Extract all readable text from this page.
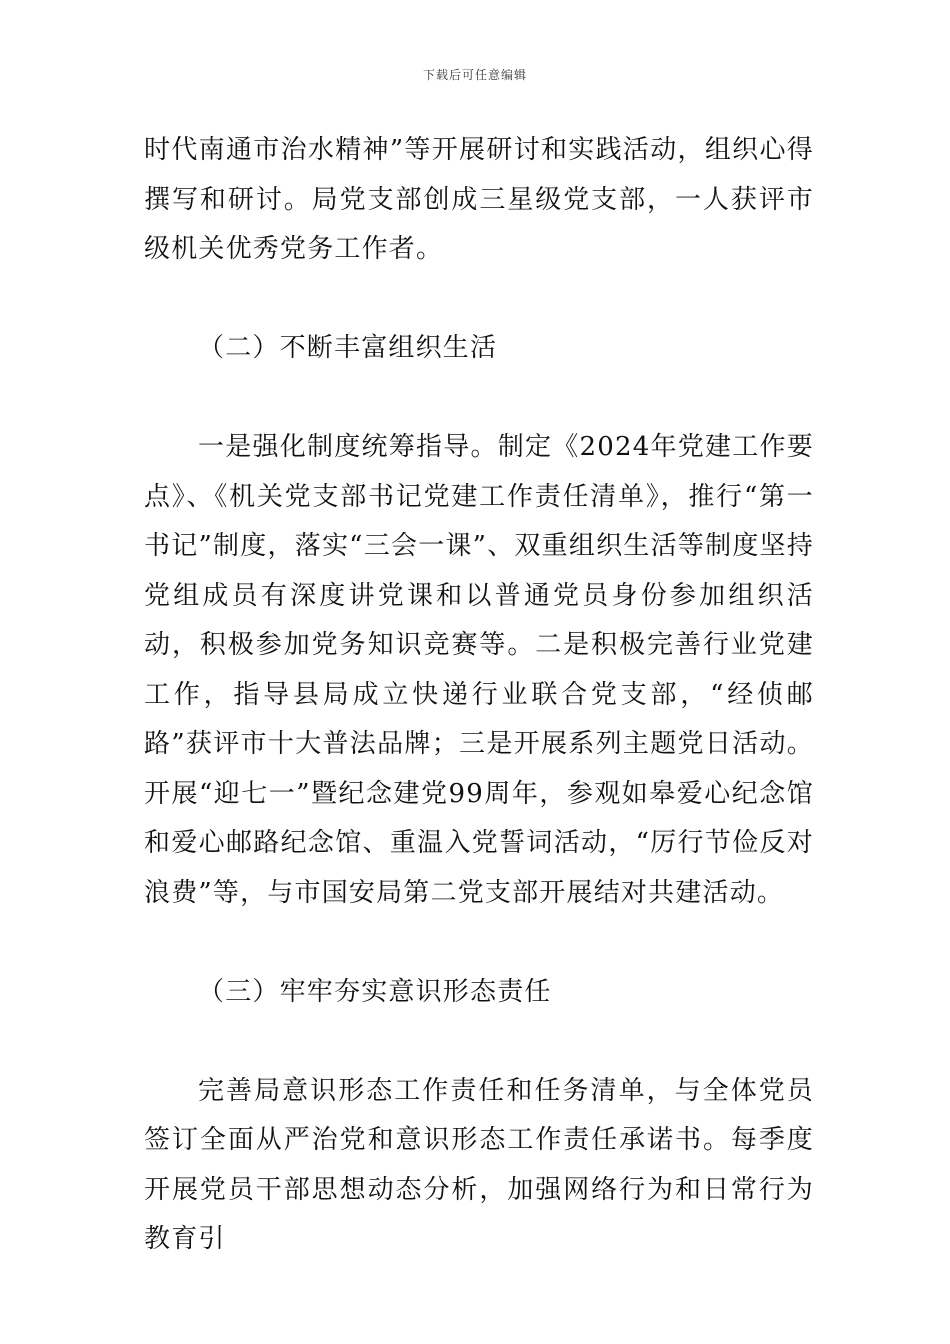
下载后可任意编辑

时代南通市治水精神”等开展研讨和实践活动，组织心得撰写和研讨。局党支部创成三星级党支部，一人获评市级机关优秀党务工作者。

（二）不断丰富组织生活

一是强化制度统筹指导。制定《2024年党建工作要点》、《机关党支部书记党建工作责任清单》，推行“第一书记”制度，落实“三会一课”、双重组织生活等制度坚持党组成员有深度讲党课和以普通党员身份参加组织活动，积极参加党务知识竞赛等。二是积极完善行业党建工作，指导县局成立快递行业联合党支部，“经侦邮路”获评市十大普法品牌；三是开展系列主题党日活动。开展“迎七一”暨纪念建党99周年，参观如皋爱心纪念馆和爱心邮路纪念馆、重温入党誓词活动，“厉行节俭反对浪费”等，与市国安局第二党支部开展结对共建活动。

（三）牢牢夯实意识形态责任

完善局意识形态工作责任和任务清单，与全体党员签订全面从严治党和意识形态工作责任承诺书。每季度开展党员干部思想动态分析，加强网络行为和日常行为教育引
